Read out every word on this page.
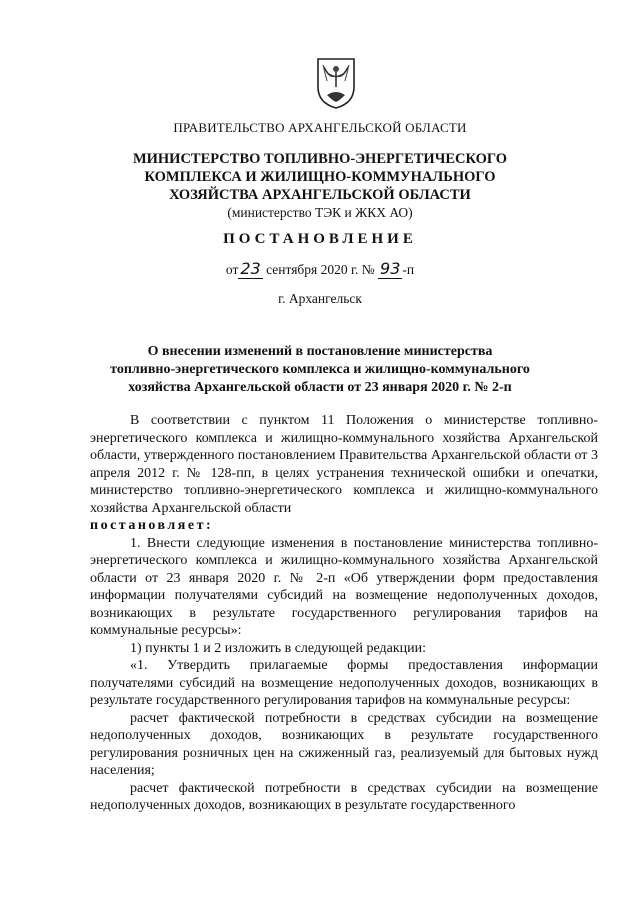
ПРАВИТЕЛЬСТВО АРХАНГЕЛЬСКОЙ ОБЛАСТИ
МИНИСТЕРСТВО ТОПЛИВНО-ЭНЕРГЕТИЧЕСКОГО
КОМПЛЕКСА И ЖИЛИЩНО-КОММУНАЛЬНОГО
ХОЗЯЙСТВА АРХАНГЕЛЬСКОЙ ОБЛАСТИ
(министерство ТЭК и ЖКХ АО)
ПОСТАНОВЛЕНИЕ
от 23 сентября 2020 г. № 93 -п
г. Архангельск
О внесении изменений в постановление министерства
топливно-энергетического комплекса и жилищно-коммунального
хозяйства Архангельской области от 23 января 2020 г. № 2-п

В соответствии с пунктом 11 Положения о министерстве топливно-энергетического комплекса и жилищно-коммунального хозяйства Архангельской области, утвержденного постановлением Правительства Архангельской области от 3 апреля 2012 г. № 128-пп, в целях устранения технической ошибки и опечатки, министерство топливно-энергетического комплекса и жилищно-коммунального хозяйства Архангельской области

постановляет:

1. Внести следующие изменения в постановление министерства топливно-энергетического комплекса и жилищно-коммунального хозяйства Архангельской области от 23 января 2020 г. № 2-п «Об утверждении форм предоставления информации получателями субсидий на возмещение недополученных доходов, возникающих в результате государственного регулирования тарифов на коммунальные ресурсы»:

1) пункты 1 и 2 изложить в следующей редакции:

«1. Утвердить прилагаемые формы предоставления информации получателями субсидий на возмещение недополученных доходов, возникающих в результате государственного регулирования тарифов на коммунальные ресурсы:

расчет фактической потребности в средствах субсидии на возмещение недополученных доходов, возникающих в результате государственного регулирования розничных цен на сжиженный газ, реализуемый для бытовых нужд населения;

расчет фактической потребности в средствах субсидии на возмещение недополученных доходов, возникающих в результате государственного
